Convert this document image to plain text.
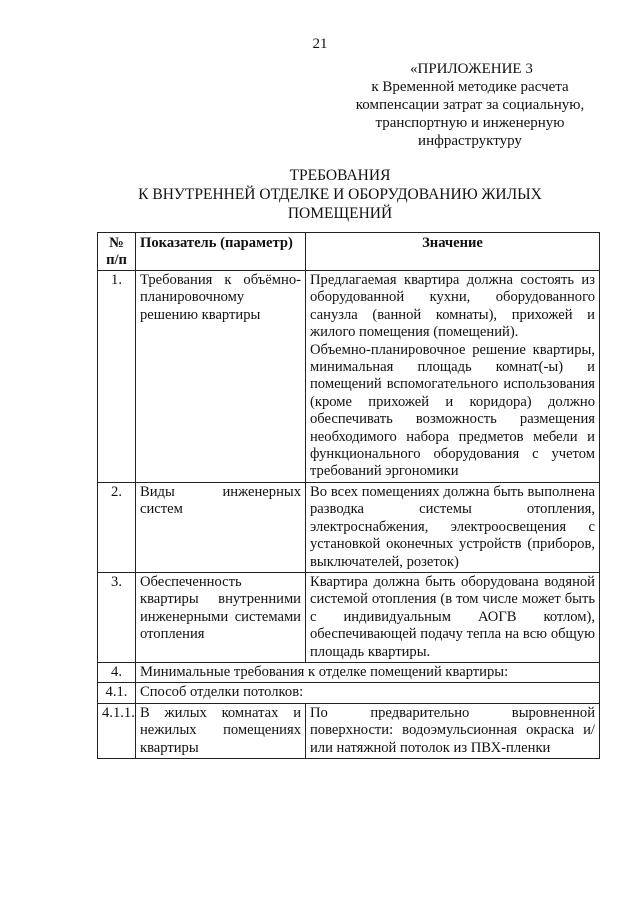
21
«ПРИЛОЖЕНИЕ 3
к Временной методике расчета
компенсации затрат за социальную,
транспортную и инженерную
инфраструктуру
ТРЕБОВАНИЯ
К ВНУТРЕННЕЙ ОТДЕЛКЕ И ОБОРУДОВАНИЮ ЖИЛЫХ
ПОМЕЩЕНИЙ
№ п/п	Показатель (параметр)	Значение
1.	Требования к объёмно-планировочному решению квартиры	Предлагаемая квартира должна состоять из оборудованной кухни, оборудованного санузла (ванной комнаты), прихожей и жилого помещения (помещений).
Объемно-планировочное решение квартиры, минимальная площадь комнат(-ы) и помещений вспомогательного использования (кроме прихожей и коридора) должно обеспечивать возможность размещения необходимого набора предметов мебели и функционального оборудования с учетом требований эргономики

2.	Виды инженерных систем	Во всех помещениях должна быть выполнена разводка системы отопления, электроснабжения, электроосвещения с установкой оконечных устройств (приборов, выключателей, розеток)

3.	Обеспеченность квартиры внутренними инженерными системами отопления	Квартира должна быть оборудована водяной системой отопления (в том числе может быть с индивидуальным АОГВ котлом), обеспечивающей подачу тепла на всю общую площадь квартиры.

4.	Минимальные требования к отделке помещений квартиры:	
4.1.	Способ отделки потолков:	
4.1.1.	В жилых комнатах и нежилых помещениях квартиры	По предварительно выровненной поверхности: водоэмульсионная окраска и/или натяжной потолок из ПВХ-пленки
